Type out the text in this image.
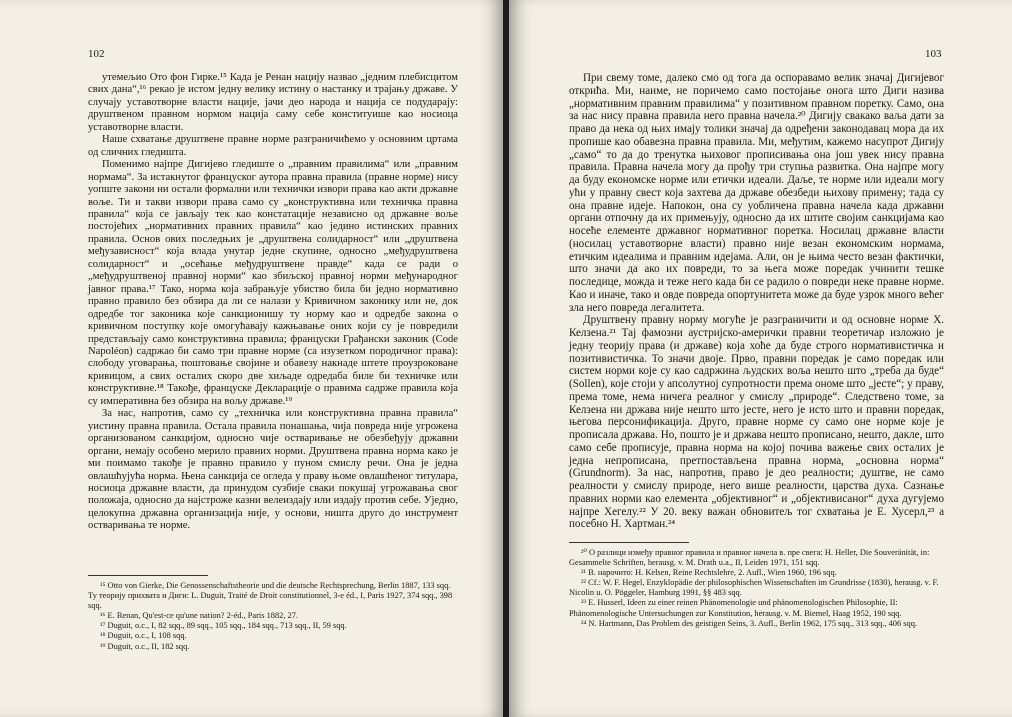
102

утемељио Ото фон Гирке.¹⁵ Када је Ренан нацију назвао „једним плебисцитом свих дана“,¹⁶ рекао је истом једну велику истину о настанку и трајању државе. У случају уставотворне власти нације, јачи део народа и нација се подударају: друштвеном правном нормом нација саму себе конституише као носиоца уставотворне власти.

Наше схватање друштвене правне норме разграничићемо у основним цртама од сличних гледишта.

Поменимо најпре Дигијево гледиште о „правним правилима“ или „правним нормама“. За истакнутог француског аутора правна правила (правне норме) нису уопште закони ни остали формални или технички извори права као акти државне воље. Ти и такви извори права само су „конструктивна или техничка правна правила“ која се јављају тек као констатације независно од државне воље постојећих „нормативних правних правила“ као једино истинских правних правила. Основ ових последњих је „друштвена солидарност“ или „друштвена међузависност“ која влада унутар једне скупине, односно „међудруштвена солидарност“ и „осећање међудруштвене правде“ када се ради о „међудруштвеној правној норми“ као збиљској правној норми међународног јавног права.¹⁷ Тако, норма која забрањује убиство била би једно нормативно правно правило без обзира да ли се налази у Кривичном законику или не, док одредбе тог законика које санкционишу ту норму као и одредбе закона о кривичном поступку које омогућавају кажњавање оних који су је повредили представљају само конструктивна правила; француски Грађански законик (Code Napoléon) садржао би само три правне норме (са изузетком породичног права): слободу уговарања, поштовање својине и обавезу накнаде штете проузроковане кривицом, а свих осталих скоро две хиљаде одредаба биле би техничке или конструктивне.¹⁸ Такође, француске Декларације о правима садрже правила која су императивна без обзира на вољу државе.¹⁹

За нас, напротив, само су „техничка или конструктивна правна правила“ уистину правна правила. Остала правила понашања, чија повреда није угрожена организованом санкцијом, односно чије остваривање не обезбеђују државни органи, немају особено мерило правних норми. Друштвена правна норма како је ми поимамо такође је правно правило у пуном смислу речи. Она је једна овлашћујућа норма. Њена санкција се огледа у праву њоме овлашћеног титулара, носиоца државне власти, да принудом сузбије сваки покушај угрожавања свог положаја, односно да најстроже казни велеиздају или издају против себе. Уједно, целокупна државна организација није, у основи, ништа друго до инструмент остваривања те норме.

¹⁵ Otto von Gierke, Die Genossenschaftstheorie und die deutsche Rechtsprechung, Berlin 1887, 133 sqq. Ту теорију прихвата и Диги: L. Duguit, Traité de Droit constitutionnel, 3-e éd., I, Paris 1927, 374 sqq., 398 sqq.

¹⁶ E. Renan, Qu'est-ce qu'une nation? 2-éd., Paris 1882, 27.

¹⁷ Duguit, o.c., I, 82 sqq., 89 sqq., 105 sqq., 184 sqq., 713 sqq., II, 59 sqq.

¹⁸ Duguit, o.c., I, 108 sqq.

¹⁹ Duguit, o.c., II, 182 sqq.

103

При свему томе, далеко смо од тога да оспоравамо велик значај Дигијевог открића. Ми, наиме, не поричемо само постојање онога што Диги назива „нормативним правним правилима“ у позитивном правном поретку. Само, она за нас нису правна правила него правна начела.²⁰ Дигију свакако ваља дати за право да нека од њих имају толики значај да одређени законодавац мора да их пропише као обавезна правна правила. Ми, међутим, кажемо насупрот Дигију „само“ то да до тренутка њиховог прописивања она још увек нису правна правила. Правна начела могу да прођу три ступња развитка. Она најпре могу да буду економске норме или етички идеали. Даље, те норме или идеали могу ући у правну свест која захтева да државе обезбеди њихову примену; тада су она правне идеје. Напокон, она су уобличена правна начела када државни органи отпочну да их примењују, односно да их штите својим санкцијама као носеће елементе државног нормативног поретка. Носилац државне власти (носилац уставотворне власти) правно није везан економским нормама, етичким идеалима и правним идејама. Али, он је њима често везан фактички, што значи да ако их повреди, то за њега може поредак учинити тешке последице, можда и теже него када би се радило о повреди неке правне норме. Као и иначе, тако и овде повреда опортунитета може да буде узрок много већег зла него повреда легалитета.

Друштвену правну норму могуће је разграничити и од основне норме Х. Келзена.²¹ Тај фамозни аустријско-амерички правни теоретичар изложио је једну теорију права (и државе) која хоће да буде строго нормативистичка и позитивистичка. То значи двоје. Прво, правни поредак је само поредак или систем норми које су као садржина људских воља нешто што „треба да буде“ (Sollen), које стоји у апсолутној супротности према ономе што „јесте“; у праву, према томе, нема ничега реалног у смислу „природе“. Следствено томе, за Келзена ни држава није нешто што јесте, него је исто што и правни поредак, његова персонификација. Друго, правне норме су само оне норме које је прописала држава. Но, пошто је и држава нешто прописано, нешто, дакле, што само себе прописује, правна норма на којој почива важење свих осталих је једна непрописана, претпостављена правна норма, „основна норма“ (Grundnorm). За нас, напротив, право је део реалности; душтве, не само реалности у смислу природе, него више реалности, царства духа. Сазнање правних норми као елемента „објективног“ и „објективисаног“ духа дугујемо најпре Хегелу.²² У 20. веку важан обновитељ тог схватања је Е. Хусерл,²³ а посебно Н. Хартман.²⁴

²⁰ О разлици између правног правила и правног начела в. пре свега: H. Heller, Die Souveränität, in: Gesammelte Schriften, herausg. v. M. Drath u.a., II, Leiden 1971, 151 sqq.

²¹ В. нарочито: H. Kelsen, Reine Rechtslehre, 2. Aufl., Wien 1960, 196 sqq.

²² Cf.: W. F. Hegel, Enzyklopädie der philosophischen Wissenschaften im Grundrisse (1830), herausg. v. F. Nicolin u. O. Pöggeler, Hamburg 1991, §§ 483 sqq.

²³ E. Husserl, Ideen zu einer reinen Phänomenologie und phänomenologischen Philosophie, II: Phänomenologische Untersuchungen zur Konstitution, herausg. v. M. Biemel, Haag 1952, 190 sqq.

²⁴ N. Hartmann, Das Problem des geistigen Seins, 3. Aufl., Berlin 1962, 175 sqq., 313 sqq., 406 sqq.
